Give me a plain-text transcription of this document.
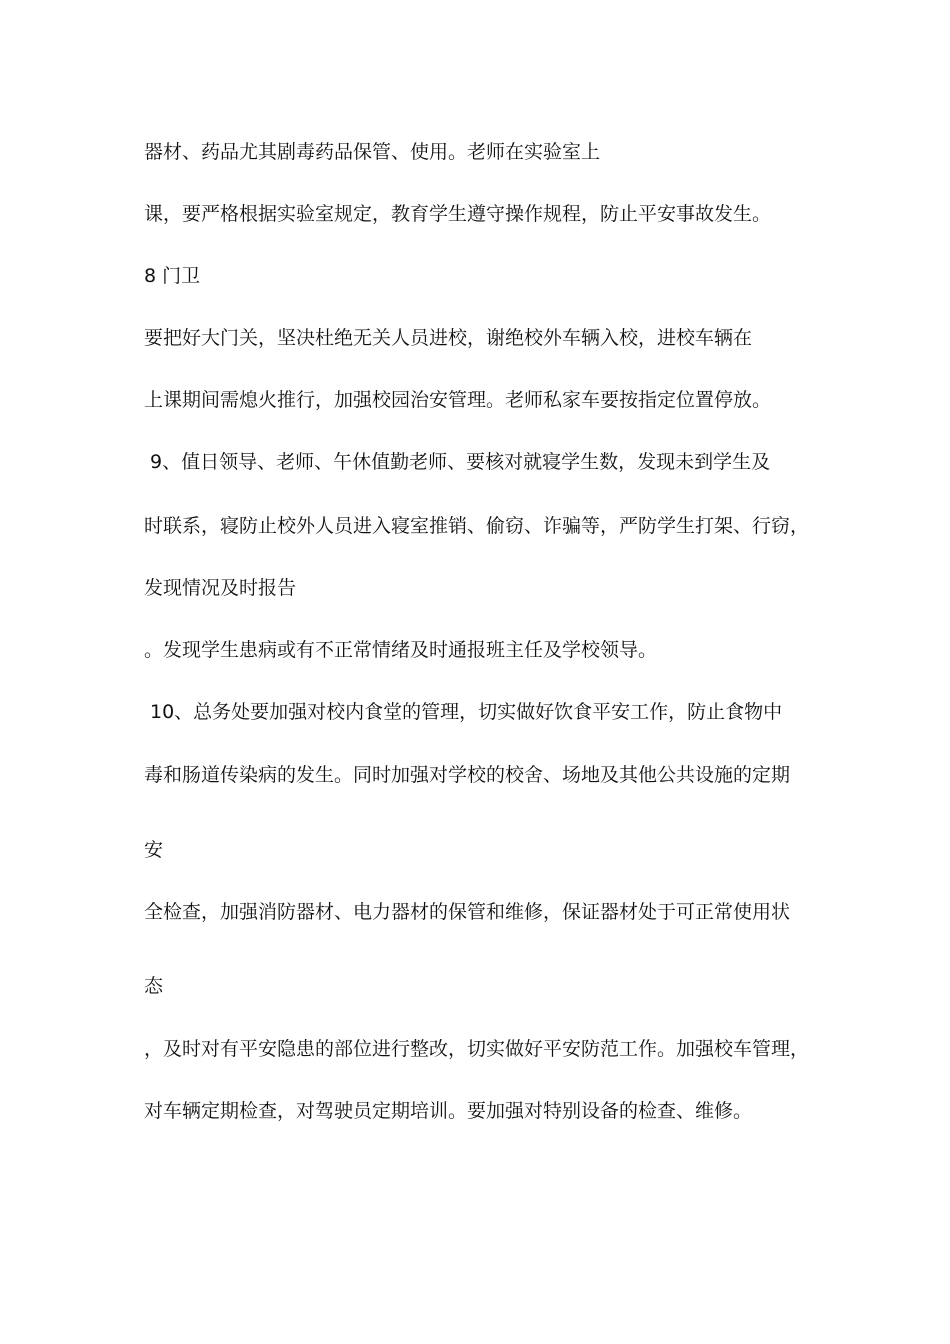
器材、药品尤其剧毒药品保管、使用。老师在实验室上
课，要严格根据实验室规定，教育学生遵守操作规程，防止平安事故发生。
8 门卫
要把好大门关，坚决杜绝无关人员进校，谢绝校外车辆入校，进校车辆在
上课期间需熄火推行，加强校园治安管理。老师私家车要按指定位置停放。
9、值日领导、老师、午休值勤老师、要核对就寝学生数，发现未到学生及
时联系，寝防止校外人员进入寝室推销、偷窃、诈骗等，严防学生打架、行窃，
发现情况及时报告
。发现学生患病或有不正常情绪及时通报班主任及学校领导。
10、总务处要加强对校内食堂的管理，切实做好饮食平安工作，防止食物中
毒和肠道传染病的发生。同时加强对学校的校舍、场地及其他公共设施的定期
安
全检查，加强消防器材、电力器材的保管和维修，保证器材处于可正常使用状
态
，及时对有平安隐患的部位进行整改，切实做好平安防范工作。加强校车管理，
对车辆定期检查，对驾驶员定期培训。要加强对特别设备的检查、维修。
